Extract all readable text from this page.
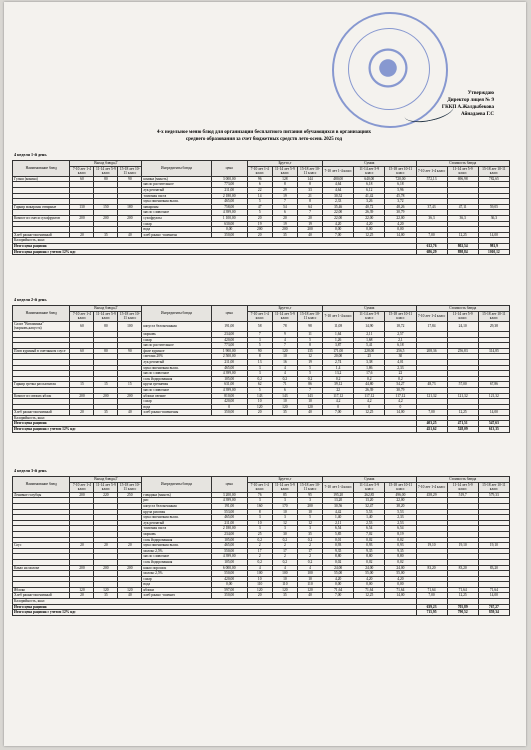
Утверждаю
Директор лицея № 9
ГККП А.Жалдыбекова
Айнадаева Г.С
4-х недельное меню блюд для организации бесплатного питания обучающихся в организациях
среднего образования за счет бюджетных средств лето-осень 2025 год
4 неделя 1-й день
Наименование блюд	Выход блюда,Г			Ингредиенты блюда	цена	Брутто,г			Сумма			Стоимость блюда		
	7-10 лет 1-4 класс	11-14 лет 5-9 класс	15-18 лет 10-11 класс			7-10 лет 1-4 класс	11-14 лет 5-9 класс	15-18 лет 10-11 класс	7-10 лет 1-4 класс	11-14 лет 5-9 класс	15-18 лет 10-11 класс	7-10 лет 1-4 класс	11-14 лет 5-9 класс	15-18 лет 10-11 класс
Гуляш (конина)	60	80	90	конина (мякоть)	3 000,00	96	128	144	480,00	640,00	720,00	572,13	696,98	782,65
				масло растительное	773,00	6	8	8	4,64	6,18	6,18			
				лук репчатый	211,00	22	29	33	4,64	6,12	5,96			
				томатная паста	2 180,00	14	19	21	30,52	41,42	45,78			
				мука пшеничная высш.	465,00	5	7	8	2,33	3,26	3,72			
Гарнир макароны отварные	130	150	180	макароны	758,00	47	54	64	35,46	40,72	48,26	37,43	47,11	59,05
				масло сливочное	4 399,00	5	6	7	22,00	26,39	30,79			
Компот из смеси сухофруктов	200	200	200	сухофрукты	1 100,00	20	20	20	22,00	22,00	22,00	36,3	36,3	36,3
				сахар	630,00	19	19	19	4,20	4,20	4,20			
				вода	0,00	200	200	200	0,00	0,00	0,00			
Хлеб ржано-пшеничный	20	35	40	хлеб ржано -пшеничн	350,00	20	35	40	7,00	12,25	14,00	7,00	12,25	14,00
Калорийность, ккал														
Итого цена рациона												612,76	802,54	981,9
Итого цена рациона с учетом 12% ндс												686,29	898,84	1010,12
4 неделя 2-й день
Наименование блюд	Выход блюда,Г			Ингредиенты блюда	цена	Брутто,г			Сумма			Стоимость блюда		
	7-10 лет 1-4 класс	11-14 лет 5-9 класс	15-18 лет 10-11 класс			7-10 лет 1-4 класс	11-14 лет 5-9 класс	15-18 лет 10-11 класс	7-10 лет 1-4 класс	11-14 лет 5-9 класс	15-18 лет 10-11 класс	7-10 лет 1-4 класс	11-14 лет 5-9 класс	15-18 лет 10-11 класс
Салат "Витаминка" (морковь,капуста)	60	80	100	капуста белокочанная	191,00	58	78	98	11,08	14,90	18,72	17,84	24,10	29,38
				морковь	234,00	7	9	11	1,64	2,11	2,57			
				сахар	420,00	3	4	5	1,26	1,68	2,1			
				масло растительное	773,00	5	7	8	3,87	5,41	6,18			
Плов куриный в сметанном соусе	60	80	90	филе куриное	1 900,00	90	120	135	171,00	228,00	256,5	208,36	256,83	314,85
				сметана 20%	2 500,00	8	10	12	20,00	25	30			
				лук репчатый	211,00	13	16	19	2,74	3,38	4,01			
				мука пшеничная высш.	465,00	3	4	5	1,4	1,86	2,33			
				масло сливочное	4 399,00	3	4	5	13,2	17,6	22			
				соль йодированная	105,00	0,2	0,2	0,2	0,2	0,2	0,2			
Гарнир гречка рассыпчатая	15	15	15	крупа гречневая	631,00	62	71	86	39,12	44,80	54,27	48,73	57,00	67,86
				масло сливочное	4 399,00	5	6	7	22	26,39	30,79			
Компот из свежих яблок	200	200	200	яблоки свежие	810,00	143	143	143	117,12	117,12	117,12	121,32	121,32	121,32
				сахар	420,00	10	10	10	4,2	4,2	4,2			
				вода	0	120	120	120	0	0	0			
Хлеб ржано-пшеничный	20	35	40	хлеб ржано-пшеничны	350,00	20	35	40	7,00	12,25	14,00	7,00	12,25	14,00
Калорийность, ккал														
Итого цена рациона												403,25	471,51	547,63
Итого цена рациона с учетом 12% ндс												451,62	528,09	613,35
4 неделя 3-й день
Наименование блюд	Выход блюда,Г			Ингредиенты блюда	цена	Брутто,г			Сумма			Стоимость блюда		
	7-10 лет 1-4 класс	11-14 лет 5-9 класс	15-18 лет 10-11 класс			7-10 лет 1-4 класс	11-14 лет 5-9 класс	15-18 лет 10-11 класс	7-10 лет 1-4 класс	11-14 лет 5-9 класс	15-18 лет 10-11 класс	7-10 лет 1-4 класс	11-14 лет 5-9 класс	15-18 лет 10-11 класс
Ленивые голубцы	200	220	250	говядина (мякоть)	3 200,00	76	85	95	195,20	262,85	496,00	458,29	519,7	579,33
				рис	4 399,00	3	3	3	13,20	13,20	22,00			
				капуста белокочанная	191,00	160	170	200	30,56	32,47	38,20			
				крупа рисовая	553,00	8	10	10	4,42	5,53	5,53			
				мука пшеничная высш.	465,00	3	3	5	1,40	1,40	2,33			
				лук репчатый	211,00	10	12	12	2,11	2,53	2,53			
				томатная паста	2 180,00	3	3	3	6,54	6,54	6,54			
				морковь	234,00	25	30	35	5,85	7,02	8,19			
				соль йодированная	105,00	0,2	0,2	0,2	0,01	0,02	0,02			
Соус	20	20	20	мука пшеничная высш.	465,00	2	2	2	0,93	0,93	0,93	19,10	19,10	19,10
				молоко 2,5%	550,00	17	17	17	9,35	9,35	9,35			
				масло сливочное	4 399,00	2	2	2	8,80	8,80	8,80			
				соль йодированная	105,00	0,2	0,2	0,2	0,02	0,02	0,02			
Какао на молоке	200	200	200	какао порошок	6 000,00	4	4	4	24,00	24,00	24,00	83,20	83,20	83,20
				молоко 2,5%	550,00	100	100	100	55,00	55,00	55,00			
				сахар	420,00	10	10	10	4,20	4,20	4,20			
				вода	0,00	110	110	110	0,00	0,00	0,00			
Яблоко	120	120	120	яблоки	597,00	120	120	120	71,64	71,64	71,64	71,64	71,64	71,64
Хлеб ржано-пшеничный	20	35	40	хлеб ржано -пшенич	350,00	20	35	40	7,00	12,25	14,00	7,00	12,25	14,00
Калорийность, ккал														
Итого цена рациона												639,23	705,89	767,27
Итого цена рациона с учетом 12% ндс												715,95	790,52	859,34
